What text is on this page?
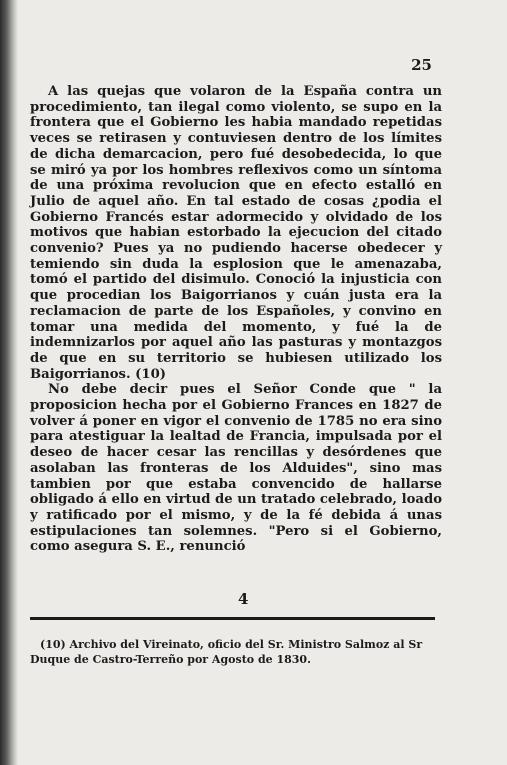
25

A las quejas que volaron de la España contra un procedimiento, tan ilegal como violento, se supo en la frontera que el Gobierno les habia mandado repetidas veces se retirasen y contuviesen dentro de los límites de dicha demarcacion, pero fué desobedecida, lo que se miró ya por los hombres reflexivos como un síntoma de una próxima revolucion que en efecto estalló en Julio de aquel año. En tal estado de cosas ¿podia el Gobierno Francés estar adormecido y olvidado de los motivos que habian estorbado la ejecucion del citado convenio? Pues ya no pudiendo hacerse obedecer y temiendo sin duda la esplosion que le amenazaba, tomó el partido del disimulo. Conoció la injusticia con que procedian los Baigorrianos y cuán justa era la reclamacion de parte de los Españoles, y convino en tomar una medida del momento, y fué la de indemnizarlos por aquel año las pasturas y montazgos de que en su territorio se hubiesen utilizado los Baigorrianos. (10)

No debe decir pues el Señor Conde que " la proposicion hecha por el Gobierno Frances en 1827 de volver á poner en vigor el convenio de 1785 no era sino para atestiguar la lealtad de Francia, impulsada por el deseo de hacer cesar las rencillas y desórdenes que asolaban las fronteras de los Alduides", sino mas tambien por que estaba convencido de hallarse obligado á ello en virtud de un tratado celebrado, loado y ratificado por el mismo, y de la fé debida á unas estipulaciones tan solemnes. "Pero si el Gobierno, como asegura S. E., renunció

4
(10) Archivo del Vireinato, oficio del Sr. Ministro Salmoz al Sr
Duque de Castro-Terreño por Agosto de 1830.
